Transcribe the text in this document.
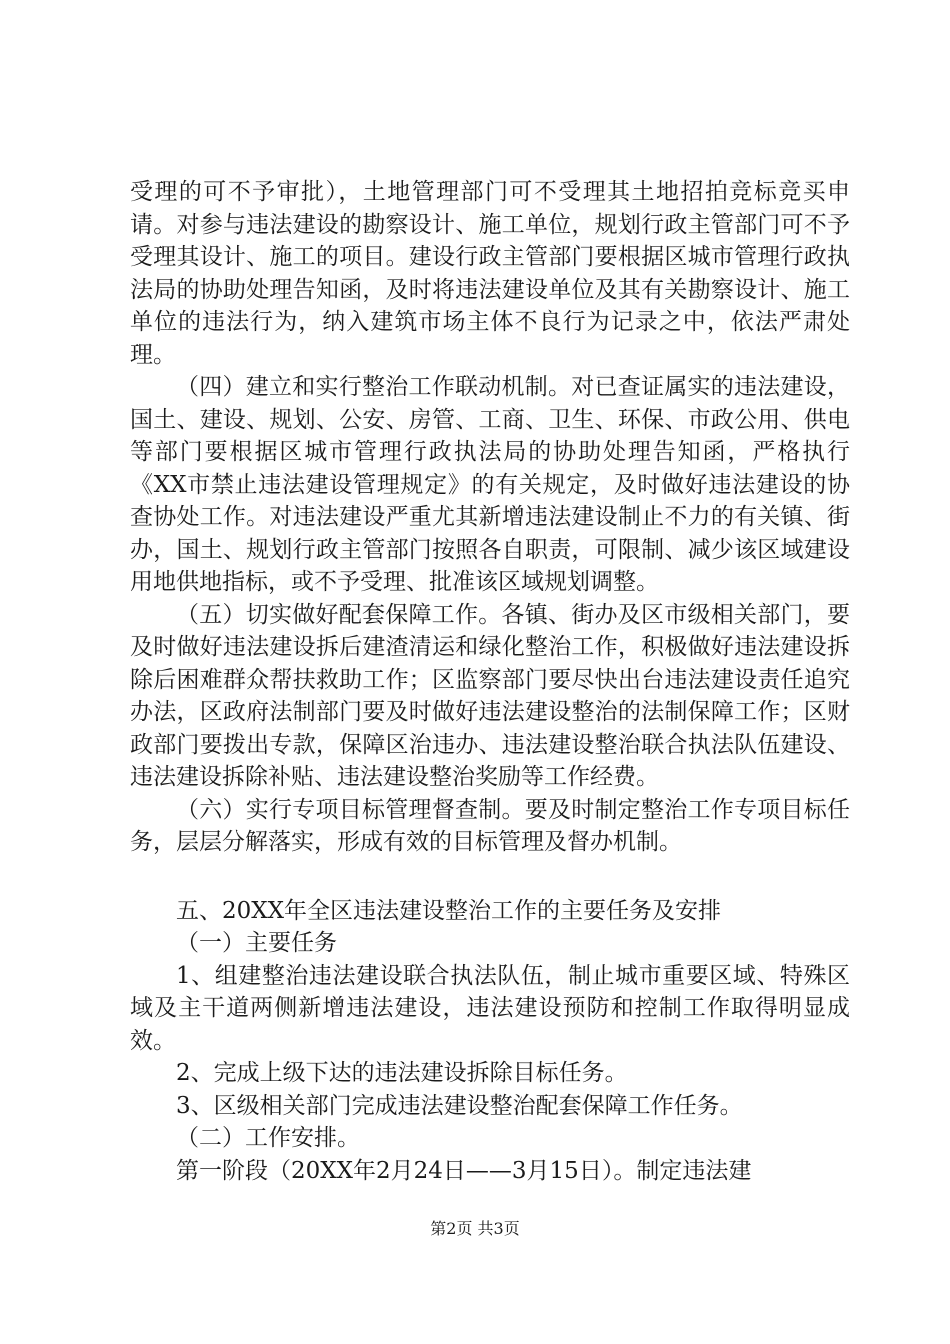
受理的可不予审批），土地管理部门可不受理其土地招拍竞标竞买申请。对参与违法建设的勘察设计、施工单位，规划行政主管部门可不予受理其设计、施工的项目。建设行政主管部门要根据区城市管理行政执法局的协助处理告知函，及时将违法建设单位及其有关勘察设计、施工单位的违法行为，纳入建筑市场主体不良行为记录之中，依法严肃处理。

（四）建立和实行整治工作联动机制。对已查证属实的违法建设，国土、建设、规划、公安、房管、工商、卫生、环保、市政公用、供电等部门要根据区城市管理行政执法局的协助处理告知函，严格执行《XX市禁止违法建设管理规定》的有关规定，及时做好违法建设的协查协处工作。对违法建设严重尤其新增违法建设制止不力的有关镇、街办，国土、规划行政主管部门按照各自职责，可限制、减少该区域建设用地供地指标，或不予受理、批准该区域规划调整。

（五）切实做好配套保障工作。各镇、街办及区市级相关部门，要及时做好违法建设拆后建渣清运和绿化整治工作，积极做好违法建设拆除后困难群众帮扶救助工作；区监察部门要尽快出台违法建设责任追究办法，区政府法制部门要及时做好违法建设整治的法制保障工作；区财政部门要拨出专款，保障区治违办、违法建设整治联合执法队伍建设、违法建设拆除补贴、违法建设整治奖励等工作经费。

（六）实行专项目标管理督查制。要及时制定整治工作专项目标任务，层层分解落实，形成有效的目标管理及督办机制。

五、20XX年全区违法建设整治工作的主要任务及安排

（一）主要任务

1、组建整治违法建设联合执法队伍，制止城市重要区域、特殊区域及主干道两侧新增违法建设，违法建设预防和控制工作取得明显成效。

2、完成上级下达的违法建设拆除目标任务。

3、区级相关部门完成违法建设整治配套保障工作任务。

（二）工作安排。

第一阶段（20XX年2月24日——3月15日）。制定违法建

第2页 共3页
